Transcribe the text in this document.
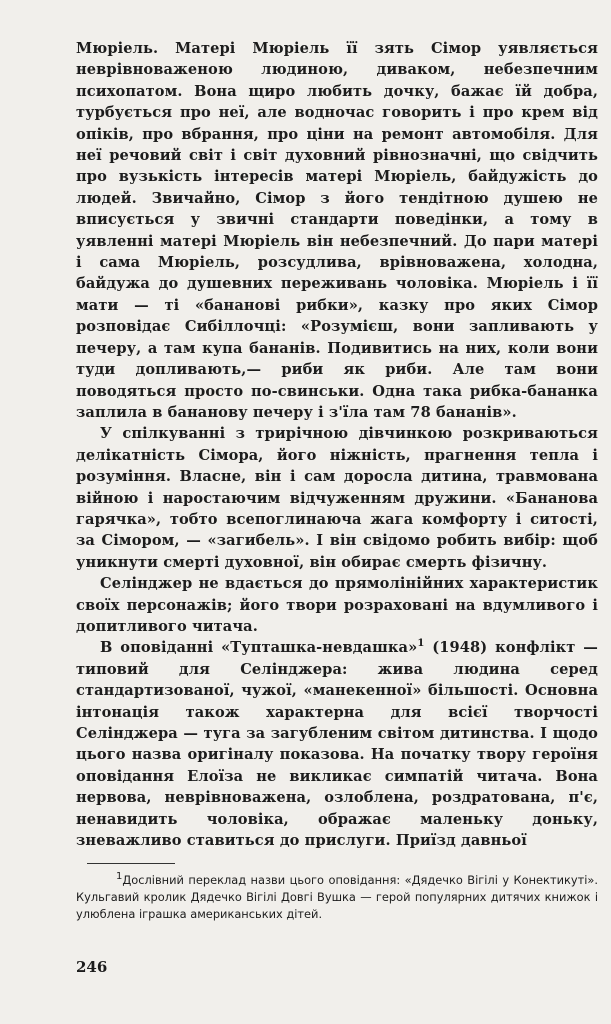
Мюріель. Матері Мюріель її зять Сімор уявляється неврівноваженою людиною, диваком, небезпечним психопатом. Вона щиро любить дочку, бажає їй добра, турбується про неї, але водночас говорить і про крем від опіків, про вбрання, про ціни на ремонт автомобіля. Для неї речовий світ і світ духовний рівнозначні, що свідчить про вузькість інтересів матері Мюріель, байдужість до людей. Звичайно, Сімор з його тендітною душею не вписується у звичні стандарти поведінки, а тому в уявленні матері Мюріель він небезпечний. До пари матері і сама Мюріель, розсудлива, врівноважена, холодна, байдужа до душевних переживань чоловіка. Мюріель і її мати — ті «бананові рибки», казку про яких Сімор розповідає Сибіллочці: «Розумієш, вони запливають у печеру, а там купа бананів. Подивитись на них, коли вони туди допливають,— риби як риби. Але там вони поводяться просто по-свинськи. Одна така рибка-бананка заплила в бананову печеру і з'їла там 78 бананів».

У спілкуванні з трирічною дівчинкою розкриваються делікатність Сімора, його ніжність, прагнення тепла і розуміння. Власне, він і сам доросла дитина, травмована війною і наростаючим відчуженням дружини. «Бананова гарячка», тобто всепоглинаюча жага комфорту і ситості, за Сімором, — «загибель». І він свідомо робить вибір: щоб уникнути смерті духовної, він обирає смерть фізичну.

Селінджер не вдається до прямолінійних характеристик своїх персонажів; його твори розраховані на вдумливого і допитливого читача.

В оповіданні «Тупташка-невдашка»$^1$ (1948) конфлікт — типовий для Селінджера: жива людина серед стандартизованої, чужої, «манекенної» більшості. Основна інтонація також характерна для всієї творчості Селінджера — туга за загубленим світом дитинства. І щодо цього назва оригіналу показова. На початку твору героїня оповідання Елоїза не викликає симпатій читача. Вона нервова, неврівноважена, озлоблена, роздратована, п'є, ненавидить чоловіка, ображає маленьку доньку, зневажливо ставиться до прислуги. Приїзд давньої

$^1$Дослівний переклад назви цього оповідання: «Дядечко Вігілі у Конектикуті». Кульгавий кролик Дядечко Вігілі Довгі Вушка — герой популярних дитячих книжок і улюблена іграшка американських дітей.

246
